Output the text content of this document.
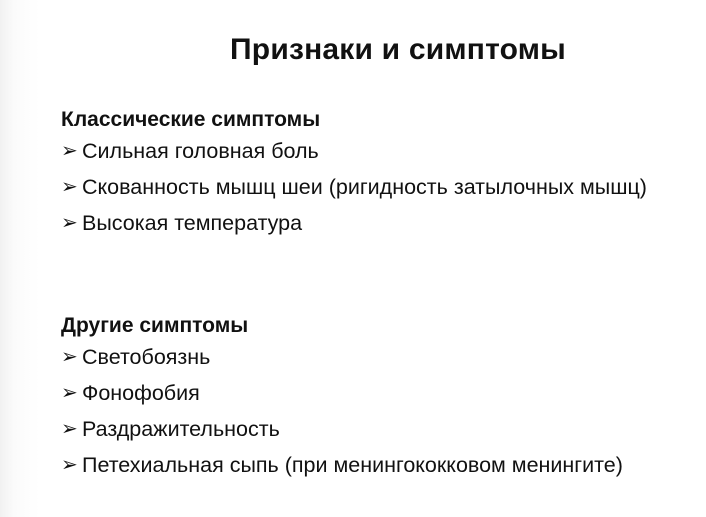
Признаки и симптомы
Классические симптомы
➢ Сильная головная боль
➢ Скованность мышц шеи (ригидность затылочных мышц)
➢ Высокая температура
Другие симптомы
➢ Светобоязнь
➢ Фонофобия
➢ Раздражительность
➢ Петехиальная сыпь (при менингококковом менингите)
